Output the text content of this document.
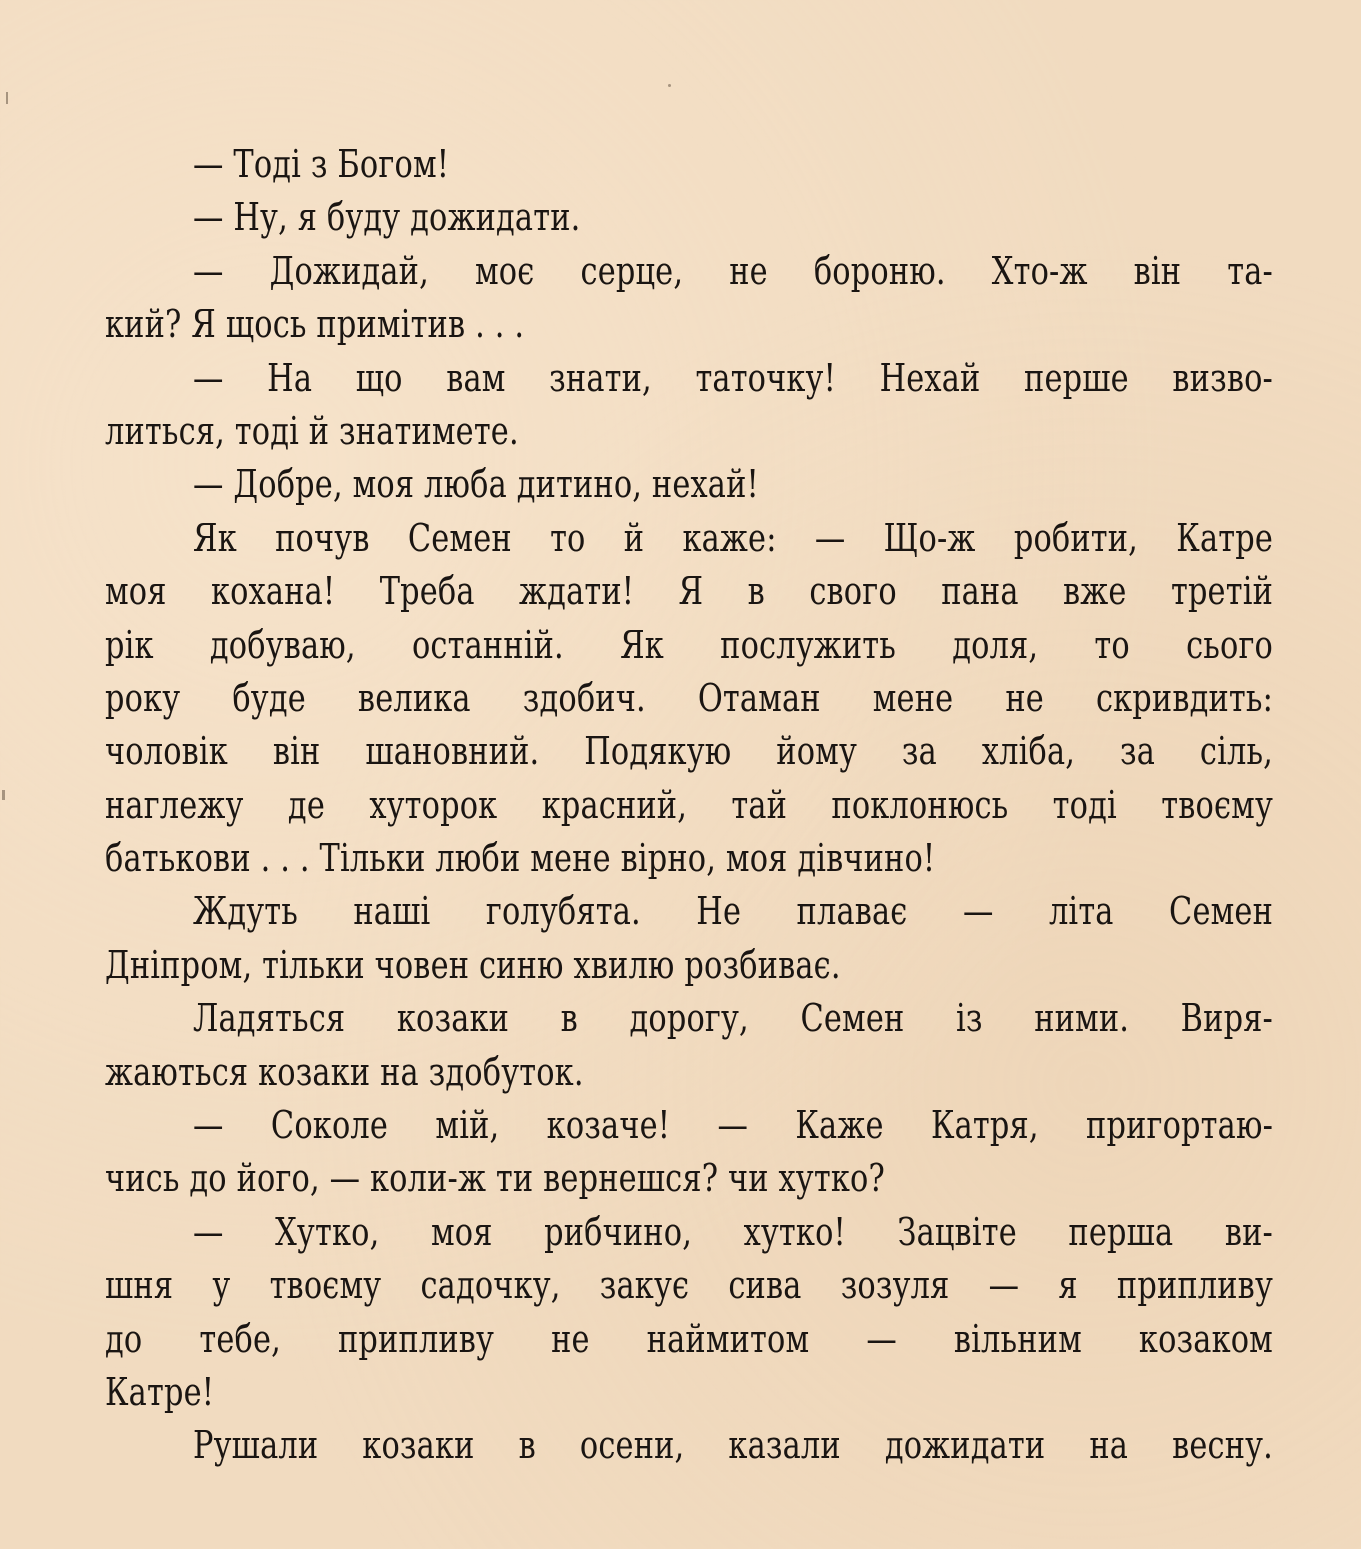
— Тоді з Богом!
— Ну, я буду дожидати.
— Дожидай, моє серце, не бороню. Хто-ж він та-
кий? Я щось примітив . . .
— На що вам знати, таточку! Нехай перше визво-
литься, тоді й знатимете.
— Добре, моя люба дитино, нехай!
Як почув Семен то й каже: — Що-ж робити, Катре
моя кохана! Треба ждати! Я в свого пана вже третій
рік добуваю, останній. Як послужить доля, то сього
року буде велика здобич. Отаман мене не скривдить:
чоловік він шановний. Подякую йому за хліба, за сіль,
наглежу де хуторок красний, тай поклонюсь тоді твоєму
батькови . . . Тільки люби мене вірно, моя дівчино!
Ждуть наші голубята. Не плаває — літа Семен
Дніпром, тільки човен синю хвилю розбиває.
Ладяться козаки в дорогу, Семен із ними. Виря-
жаються козаки на здобуток.
— Соколе мій, козаче! — Каже Катря, пригортаю-
чись до його, — коли-ж ти вернешся? чи хутко?
— Хутко, моя рибчино, хутко! Зацвіте перша ви-
шня у твоєму садочку, закує сива зозуля — я припливу
до тебе, припливу не наймитом — вільним козаком
Катре!
Рушали козаки в осени, казали дожидати на весну.
